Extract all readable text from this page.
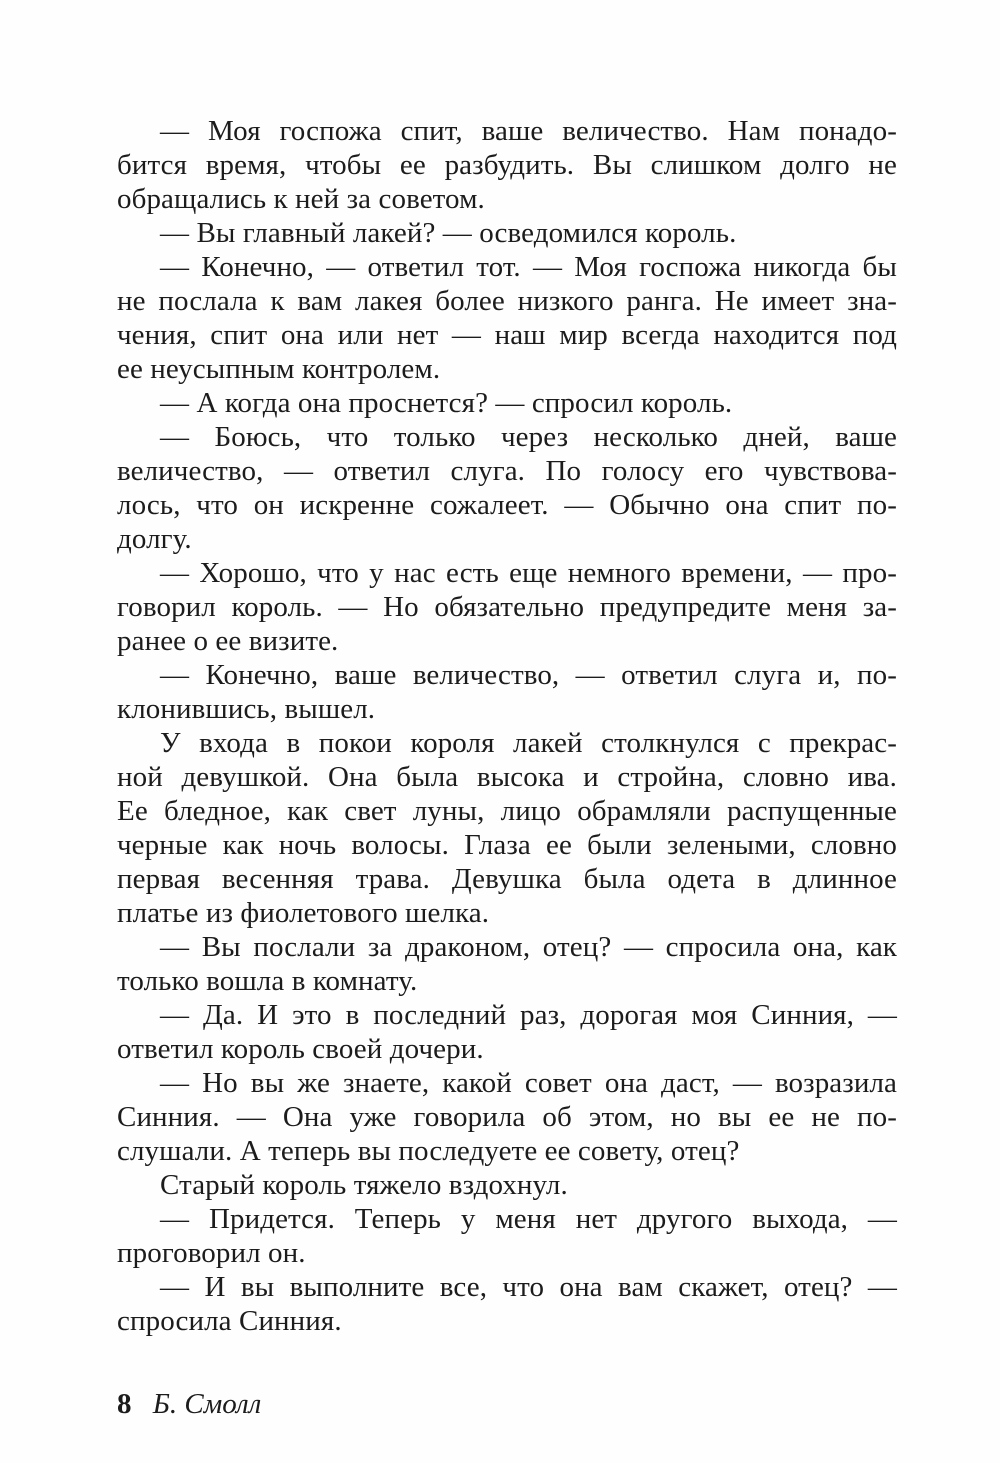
— Моя госпожа спит, ваше величество. Нам понадо-
бится время, чтобы ее разбудить. Вы слишком долго не
обращались к ней за советом.
— Вы главный лакей? — осведомился король.
— Конечно, — ответил тот. — Моя госпожа никогда бы
не послала к вам лакея более низкого ранга. Не имеет зна-
чения, спит она или нет — наш мир всегда находится под
ее неусыпным контролем.
— А когда она проснется? — спросил король.
— Боюсь, что только через несколько дней, ваше
величество, — ответил слуга. По голосу его чувствова-
лось, что он искренне сожалеет. — Обычно она спит по-
долгу.
— Хорошо, что у нас есть еще немного времени, — про-
говорил король. — Но обязательно предупредите меня за-
ранее о ее визите.
— Конечно, ваше величество, — ответил слуга и, по-
клонившись, вышел.
У входа в покои короля лакей столкнулся с прекрас-
ной девушкой. Она была высока и стройна, словно ива.
Ее бледное, как свет луны, лицо обрамляли распущенные
черные как ночь волосы. Глаза ее были зелеными, словно
первая весенняя трава. Девушка была одета в длинное
платье из фиолетового шелка.
— Вы послали за драконом, отец? — спросила она, как
только вошла в комнату.
— Да. И это в последний раз, дорогая моя Синния, —
ответил король своей дочери.
— Но вы же знаете, какой совет она даст, — возразила
Синния. — Она уже говорила об этом, но вы ее не по-
слушали. А теперь вы последуете ее совету, отец?
Старый король тяжело вздохнул.
— Придется. Теперь у меня нет другого выхода, —
проговорил он.
— И вы выполните все, что она вам скажет, отец? —
спросила Синния.
8 Б. Смолл
